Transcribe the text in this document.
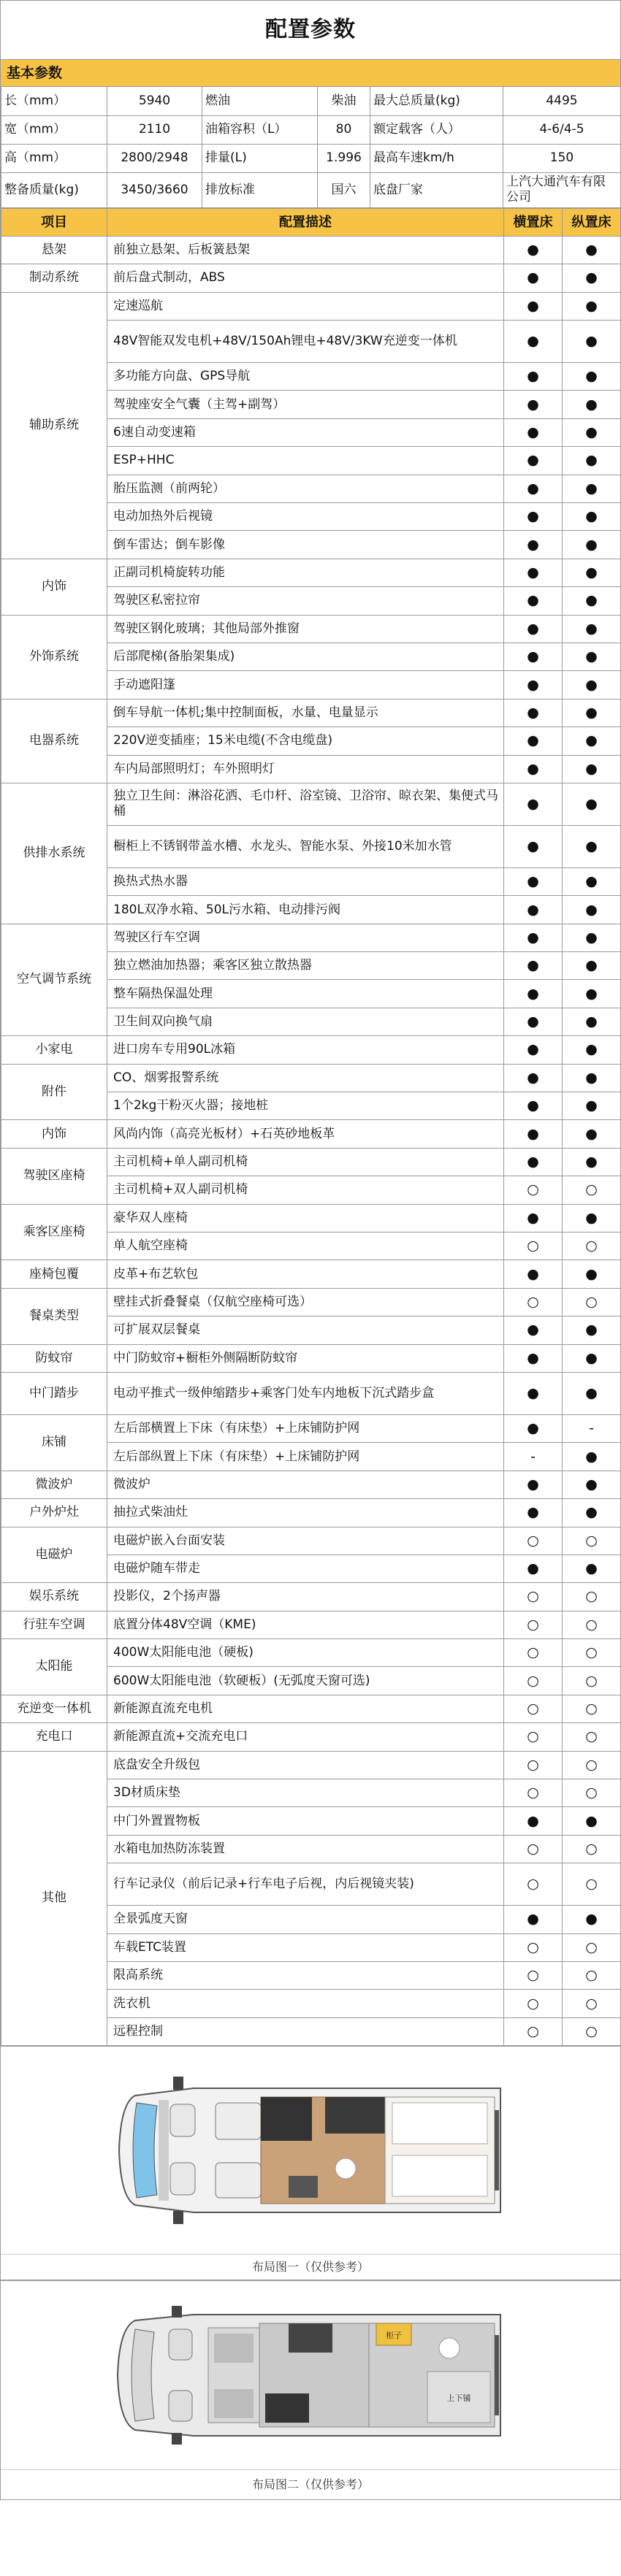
配置参数
基本参数
长（mm）	5940	燃油	柴油	最大总质量(kg)	4495
宽（mm）	2110	油箱容积（L）	80	额定载客（人）	4-6/4-5
高（mm）	2800/2948	排量(L)	1.996	最高车速km/h	150
整备质量(kg)	3450/3660	排放标准	国六	底盘厂家	上汽大通汽车有限公司
项目	配置描述	横置床	纵置床
悬架	前独立悬架、后板簧悬架	●	●
制动系统	前后盘式制动，ABS	●	●
辅助系统	定速巡航	●	●
	48V智能双发电机+48V/150Ah锂电+48V/3KW充逆变一体机	●	●
	多功能方向盘、GPS导航	●	●
	驾驶座安全气囊（主驾+副驾）	●	●
	6速自动变速箱	●	●
	ESP+HHC	●	●
	胎压监测（前两轮）	●	●
	电动加热外后视镜	●	●
	倒车雷达；倒车影像	●	●
内饰	正副司机椅旋转功能	●	●
	驾驶区私密拉帘	●	●
外饰系统	驾驶区钢化玻璃；其他局部外推窗	●	●
	后部爬梯(备胎架集成)	●	●
	手动遮阳篷	●	●
电器系统	倒车导航一体机;集中控制面板，水量、电量显示	●	●
	220V逆变插座；15米电缆(不含电缆盘)	●	●
	车内局部照明灯；车外照明灯	●	●
供排水系统	独立卫生间：淋浴花洒、毛巾杆、浴室镜、卫浴帘、晾衣架、集便式马桶	●	●
	橱柜上不锈钢带盖水槽、水龙头、智能水泵、外接10米加水管	●	●
	换热式热水器	●	●
	180L双净水箱、50L污水箱、电动排污阀	●	●
空气调节系统	驾驶区行车空调	●	●
	独立燃油加热器；乘客区独立散热器	●	●
	整车隔热保温处理	●	●
	卫生间双向换气扇	●	●
小家电	进口房车专用90L冰箱	●	●
附件	CO、烟雾报警系统	●	●
	1个2kg干粉灭火器；接地桩	●	●
内饰	风尚内饰（高亮光板材）+石英砂地板革	●	●
驾驶区座椅	主司机椅+单人副司机椅	●	●
	主司机椅+双人副司机椅	○	○
乘客区座椅	豪华双人座椅	●	●
	单人航空座椅	○	○
座椅包覆	皮革+布艺软包	●	●
餐桌类型	壁挂式折叠餐桌（仅航空座椅可选）	○	○
	可扩展双层餐桌	●	●
防蚊帘	中门防蚊帘+橱柜外侧隔断防蚊帘	●	●
中门踏步	电动平推式一级伸缩踏步+乘客门处车内地板下沉式踏步盒	●	●
床铺	左后部横置上下床（有床垫）+上床铺防护网	●	-
	左后部纵置上下床（有床垫）+上床铺防护网	-	●
微波炉	微波炉	●	●
户外炉灶	抽拉式柴油灶	●	●
电磁炉	电磁炉嵌入台面安装	○	○
	电磁炉随车带走	●	●
娱乐系统	投影仪，2个扬声器	○	○
行驻车空调	底置分体48V空调（KME)	○	○
太阳能	400W太阳能电池（硬板)	○	○
	600W太阳能电池（软硬板）(无弧度天窗可选)	○	○
充逆变一体机	新能源直流充电机	○	○
充电口	新能源直流+交流充电口	○	○
其他	底盘安全升级包	○	○
	3D材质床垫	○	○
	中门外置置物板	●	●
	水箱电加热防冻装置	○	○
	行车记录仪（前后记录+行车电子后视，内后视镜夹装)	○	○
	全景弧度天窗	●	●
	车载ETC装置	○	○
	限高系统	○	○
	洗衣机	○	○
	远程控制	○	○
布局图一（仅供参考）
柜子
上下铺
布局图二（仅供参考）
